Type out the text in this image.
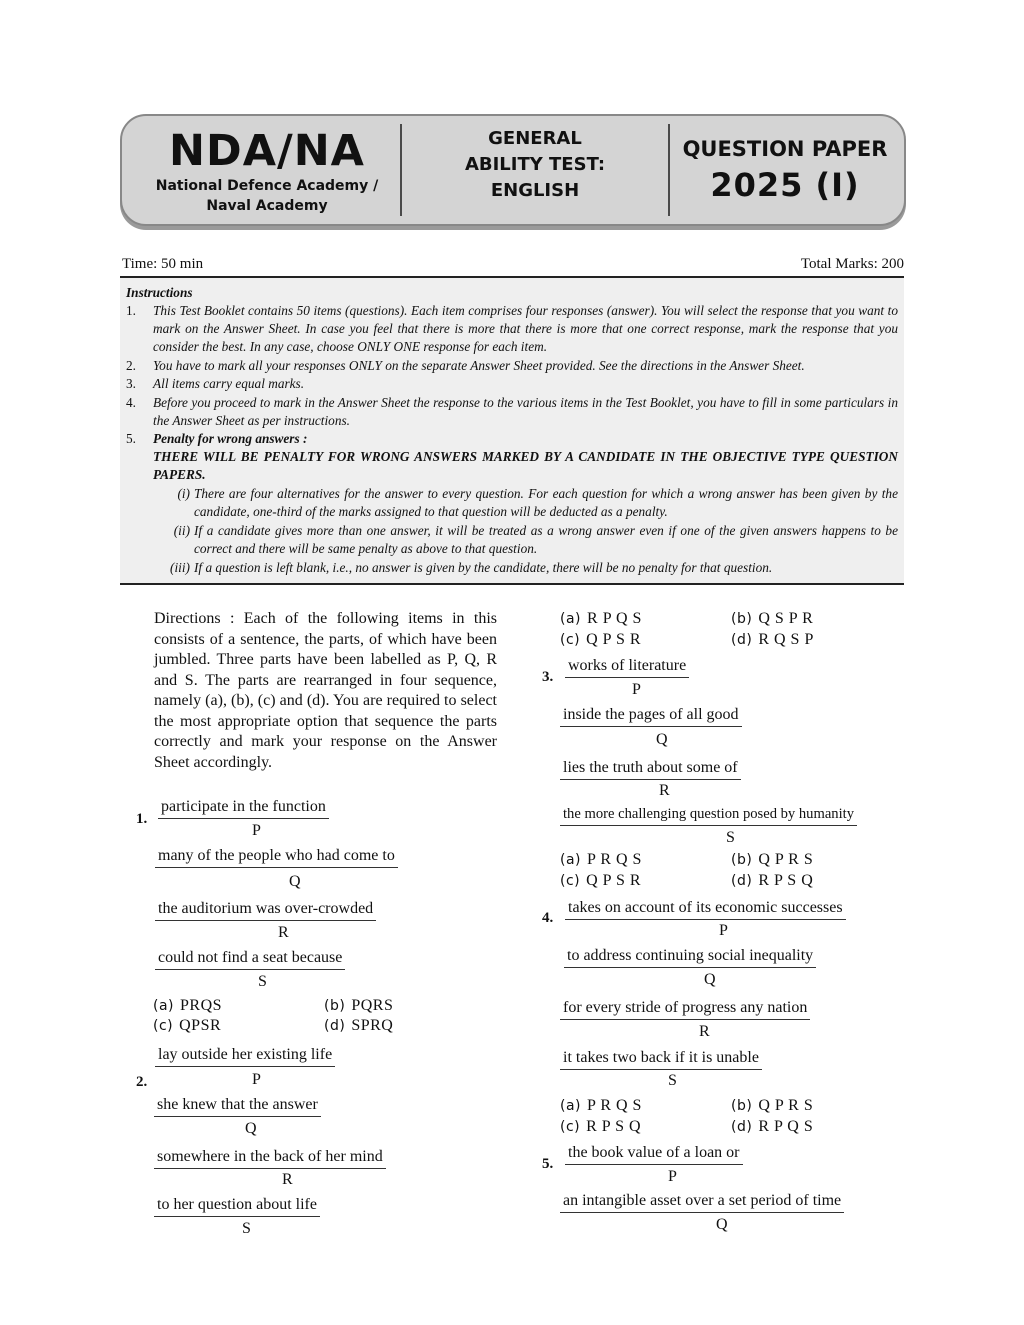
NDA/NA
National Defence Academy /
Naval Academy
GENERAL
ABILITY TEST:
ENGLISH
QUESTION PAPER
2025 (I)
Time: 50 min	Total Marks: 200
Instructions
1. This Test Booklet contains 50 items (questions). Each item comprises four responses (answer). You will select the response that you want to mark on the Answer Sheet. In case you feel that there is more that there is more that one correct response, mark the response that you consider the best. In any case, choose ONLY ONE response for each item.
2. You have to mark all your responses ONLY on the separate Answer Sheet provided. See the directions in the Answer Sheet.
3. All items carry equal marks.
4. Before you proceed to mark in the Answer Sheet the response to the various items in the Test Booklet, you have to fill in some particulars in the Answer Sheet as per instructions.
5. Penalty for wrong answers :
THERE WILL BE PENALTY FOR WRONG ANSWERS MARKED BY A CANDIDATE IN THE OBJECTIVE TYPE QUESTION PAPERS.
(i) There are four alternatives for the answer to every question. For each question for which a wrong answer has been given by the candidate, one-third of the marks assigned to that question will be deducted as a penalty.
(ii) If a candidate gives more than one answer, it will be treated as a wrong answer even if one of the given answers happens to be correct and there will be same penalty as above to that question.
(iii) If a question is left blank, i.e., no answer is given by the candidate, there will be no penalty for that question.
Directions : Each of the following items in this consists of a sentence, the parts, of which have been jumbled. Three parts have been labelled as P, Q, R and S. The parts are rearranged in four sequence, namely (a), (b), (c) and (d). You are required to select the most appropriate option that sequence the parts correctly and mark your response on the Answer Sheet accordingly.
1.
participate in the function
P
many of the people who had come to
Q
the auditorium was over-crowded
R
could not find a seat because
S
(a) PRQS	(b) PQRS
(c) QPSR	(d) SPRQ
2.
lay outside her existing life
P
she knew that the answer
Q
somewhere in the back of her mind
R
to her question about life
S
(a) R P Q S	(b) Q S P R
(c) Q P S R	(d) R Q S P
3.
works of literature
P
inside the pages of all good
Q
lies the truth about some of
R
the more challenging question posed by humanity
S
(a) P R Q S	(b) Q P R S
(c) Q P S R	(d) R P S Q
4.
takes on account of its economic successes
P
to address continuing social inequality
Q
for every stride of progress any nation
R
it takes two back if it is unable
S
(a) P R Q S	(b) Q P R S
(c) R P S Q	(d) R P Q S
5.
the book value of a loan or
P
an intangible asset over a set period of time
Q
